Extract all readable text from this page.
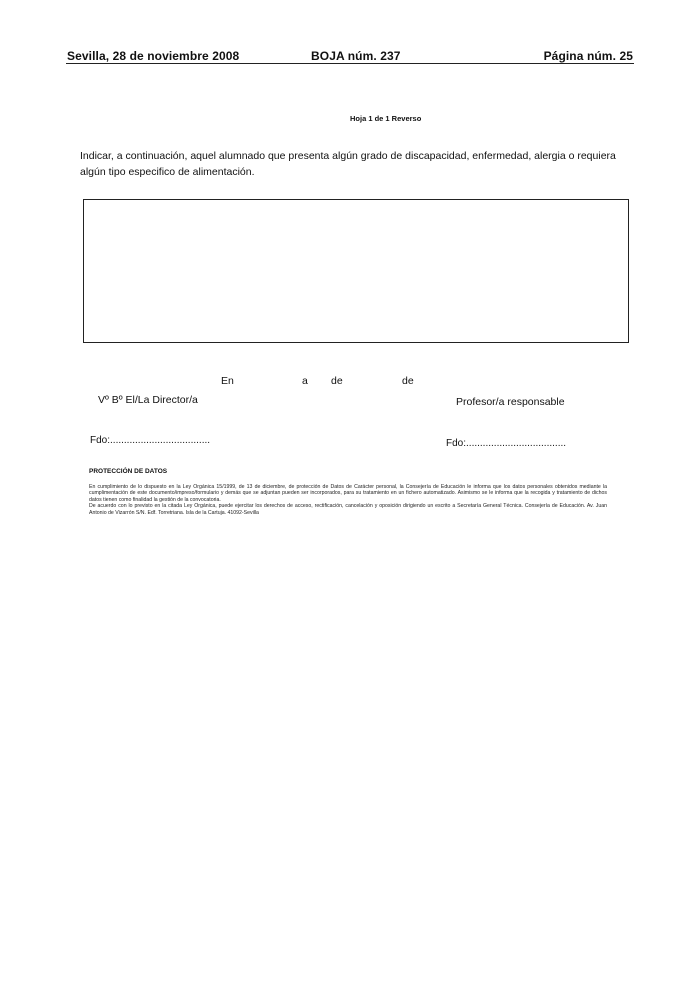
Sevilla, 28 de noviembre 2008	BOJA núm. 237	Página núm. 25
Hoja 1 de 1 Reverso
Indicar, a continuación, aquel alumnado que presenta algún grado de discapacidad, enfermedad, alergia o requiera algún tipo especifico de alimentación.
En	a de	de
Vº Bº El/La Director/a	Profesor/a responsable
Fdo:....................................	Fdo:....................................
PROTECCIÓN DE DATOS
En cumplimiento de lo dispuesto en la Ley Orgánica 15/1999, de 13 de diciembre, de protección de Datos de Carácter personal, la Consejería de Educación le informa que los datos personales obtenidos mediante la cumplimentación de este documento/impreso/formulario y demás que se adjuntan pueden ser incorporados, para su tratamiento en un fichero automatizado. Asimismo se le informa que la recogida y tratamiento de dichos datos tienen como finalidad la gestión de la convocatoria.
De acuerdo con lo previsto en la citada Ley Orgánica, puede ejercitar los derechos de acceso, rectificación, cancelación y oposición dirigiendo un escrito a Secretaría General Técnica. Consejería de Educación. Av. Juan Antonio de Vizarrón S/N. Edf. Torretriana. Isla de la Cartuja. 41092-Sevilla
